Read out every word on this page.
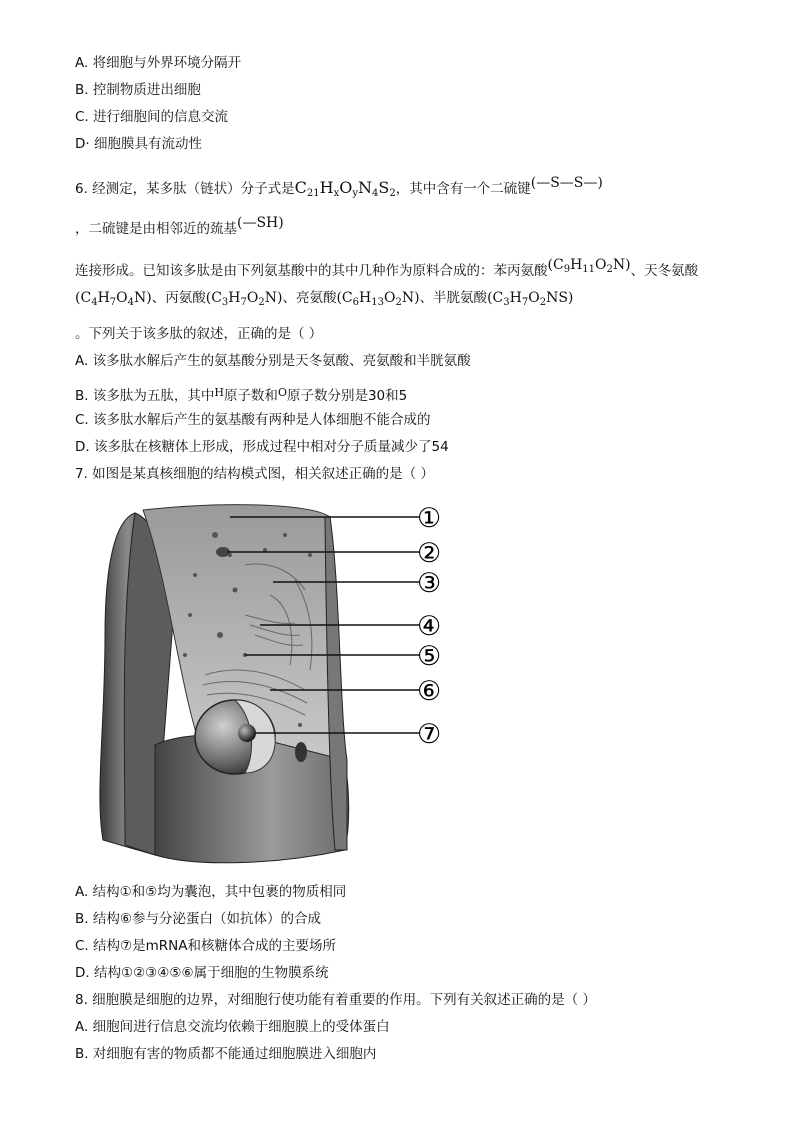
A. 将细胞与外界环境分隔开
B. 控制物质进出细胞
C. 进行细胞间的信息交流
D· 细胞膜具有流动性
6. 经测定，某多肽（链状）分子式是$C_{21}H_xO_yN_4S_2$，其中含有一个二硫键(—S—S—)
，二硫键是由相邻近的巯基(—SH)
连接形成。已知该多肽是由下列氨基酸中的其中几种作为原料合成的：苯丙氨酸$(C_9H_{11}O_2N)$、天冬氨酸
$(C_4H_7O_4N)$、丙氨酸$(C_3H_7O_2N)$、亮氨酸$(C_6H_{13}O_2N)$、半胱氨酸$(C_3H_7O_2NS)$
。下列关于该多肽的叙述，正确的是（ ）
A. 该多肽水解后产生的氨基酸分别是天冬氨酸、亮氨酸和半胱氨酸
B. 该多肽为五肽，其中$^H$原子数和$^O$原子数分别是30和5
C. 该多肽水解后产生的氨基酸有两种是人体细胞不能合成的
D. 该多肽在核糖体上形成，形成过程中相对分子质量减少了54
7. 如图是某真核细胞的结构模式图，相关叙述正确的是（ ）
①
②
③
④
⑤
⑥
⑦
A. 结构①和⑤均为囊泡，其中包裹的物质相同
B. 结构⑥参与分泌蛋白（如抗体）的合成
C. 结构⑦是mRNA和核糖体合成的主要场所
D. 结构①②③④⑤⑥属于细胞的生物膜系统
8. 细胞膜是细胞的边界，对细胞行使功能有着重要的作用。下列有关叙述正确的是（ ）
A. 细胞间进行信息交流均依赖于细胞膜上的受体蛋白
B. 对细胞有害的物质都不能通过细胞膜进入细胞内
